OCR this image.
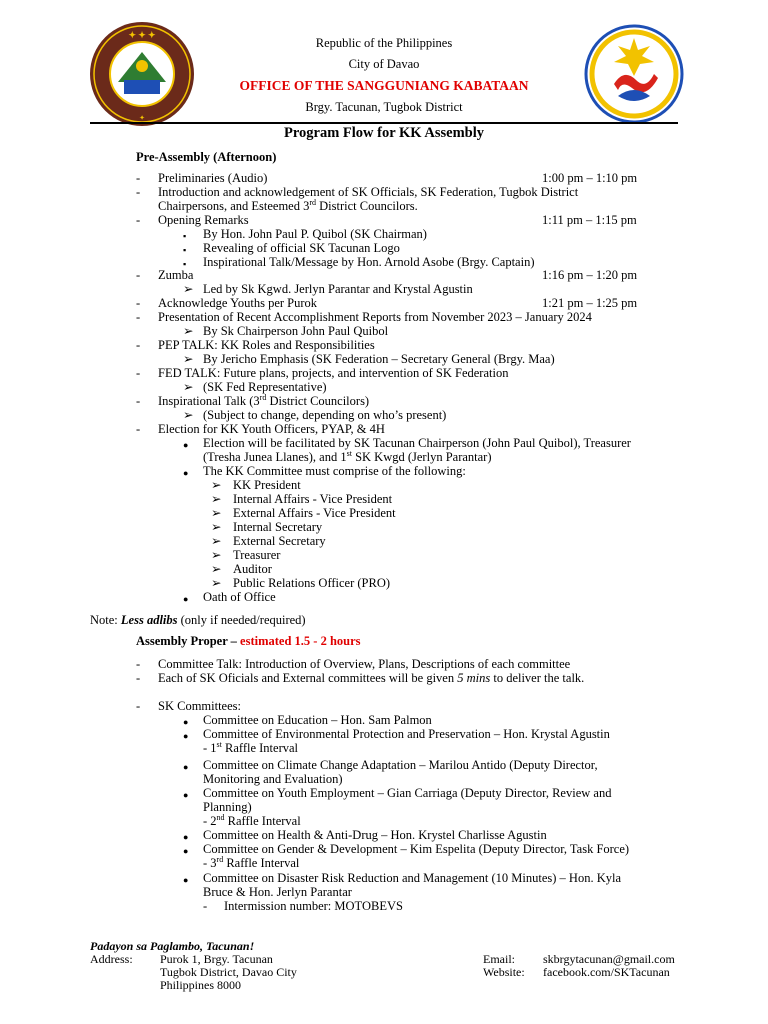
✦ ✦ ✦
✦
Republic of the Philippines
City of Davao
OFFICE OF THE SANGGUNIANG KABATAAN
Brgy. Tacunan, Tugbok District
Program Flow for KK Assembly
Pre-Assembly (Afternoon)
- Preliminaries (Audio)	1:00 pm – 1:10 pm
- Introduction and acknowledgement of SK Officials, SK Federation, Tugbok District
Chairpersons, and Esteemed 3rd District Councilors.
- Opening Remarks	1:11 pm – 1:15 pm
▪ By Hon. John Paul P. Quibol (SK Chairman)
▪ Revealing of official SK Tacunan Logo
▪ Inspirational Talk/Message by Hon. Arnold Asobe (Brgy. Captain)
- Zumba	1:16 pm – 1:20 pm
➢ Led by Sk Kgwd. Jerlyn Parantar and Krystal Agustin
- Acknowledge Youths per Purok	1:21 pm – 1:25 pm
- Presentation of Recent Accomplishment Reports from November 2023 – January 2024
➢ By Sk Chairperson John Paul Quibol
- PEP TALK: KK Roles and Responsibilities
➢ By Jericho Emphasis (SK Federation – Secretary General (Brgy. Maa)
- FED TALK: Future plans, projects, and intervention of SK Federation
➢ (SK Fed Representative)
- Inspirational Talk (3rd District Councilors)
➢ (Subject to change, depending on who’s present)
- Election for KK Youth Officers, PYAP, & 4H
● Election will be facilitated by SK Tacunan Chairperson (John Paul Quibol), Treasurer
(Tresha Junea Llanes), and 1st SK Kwgd (Jerlyn Parantar)
● The KK Committee must comprise of the following:
➢ KK President
➢ Internal Affairs - Vice President
➢ External Affairs - Vice President
➢ Internal Secretary
➢ External Secretary
➢ Treasurer
➢ Auditor
➢ Public Relations Officer (PRO)
● Oath of Office
Note: Less adlibs (only if needed/required)
Assembly Proper – estimated 1.5 - 2 hours
- Committee Talk: Introduction of Overview, Plans, Descriptions of each committee
- Each of SK Oficials and External committees will be given 5 mins to deliver the talk.
- SK Committees:
● Committee on Education – Hon. Sam Palmon
● Committee of Environmental Protection and Preservation – Hon. Krystal Agustin
- 1st Raffle Interval
● Committee on Climate Change Adaptation – Marilou Antido (Deputy Director,
Monitoring and Evaluation)
● Committee on Youth Employment – Gian Carriaga (Deputy Director, Review and
Planning)
- 2nd Raffle Interval
● Committee on Health & Anti-Drug – Hon. Krystel Charlisse Agustin
● Committee on Gender & Development – Kim Espelita (Deputy Director, Task Force)
- 3rd Raffle Interval
● Committee on Disaster Risk Reduction and Management (10 Minutes) – Hon. Kyla
Bruce & Hon. Jerlyn Parantar
- Intermission number: MOTOBEVS
Padayon sa Paglambo, Tacunan!
Address: Purok 1, Brgy. Tacunan
Tugbok District, Davao City
Philippines 8000
Email: skbrgytacunan@gmail.com
Website: facebook.com/SKTacunan
